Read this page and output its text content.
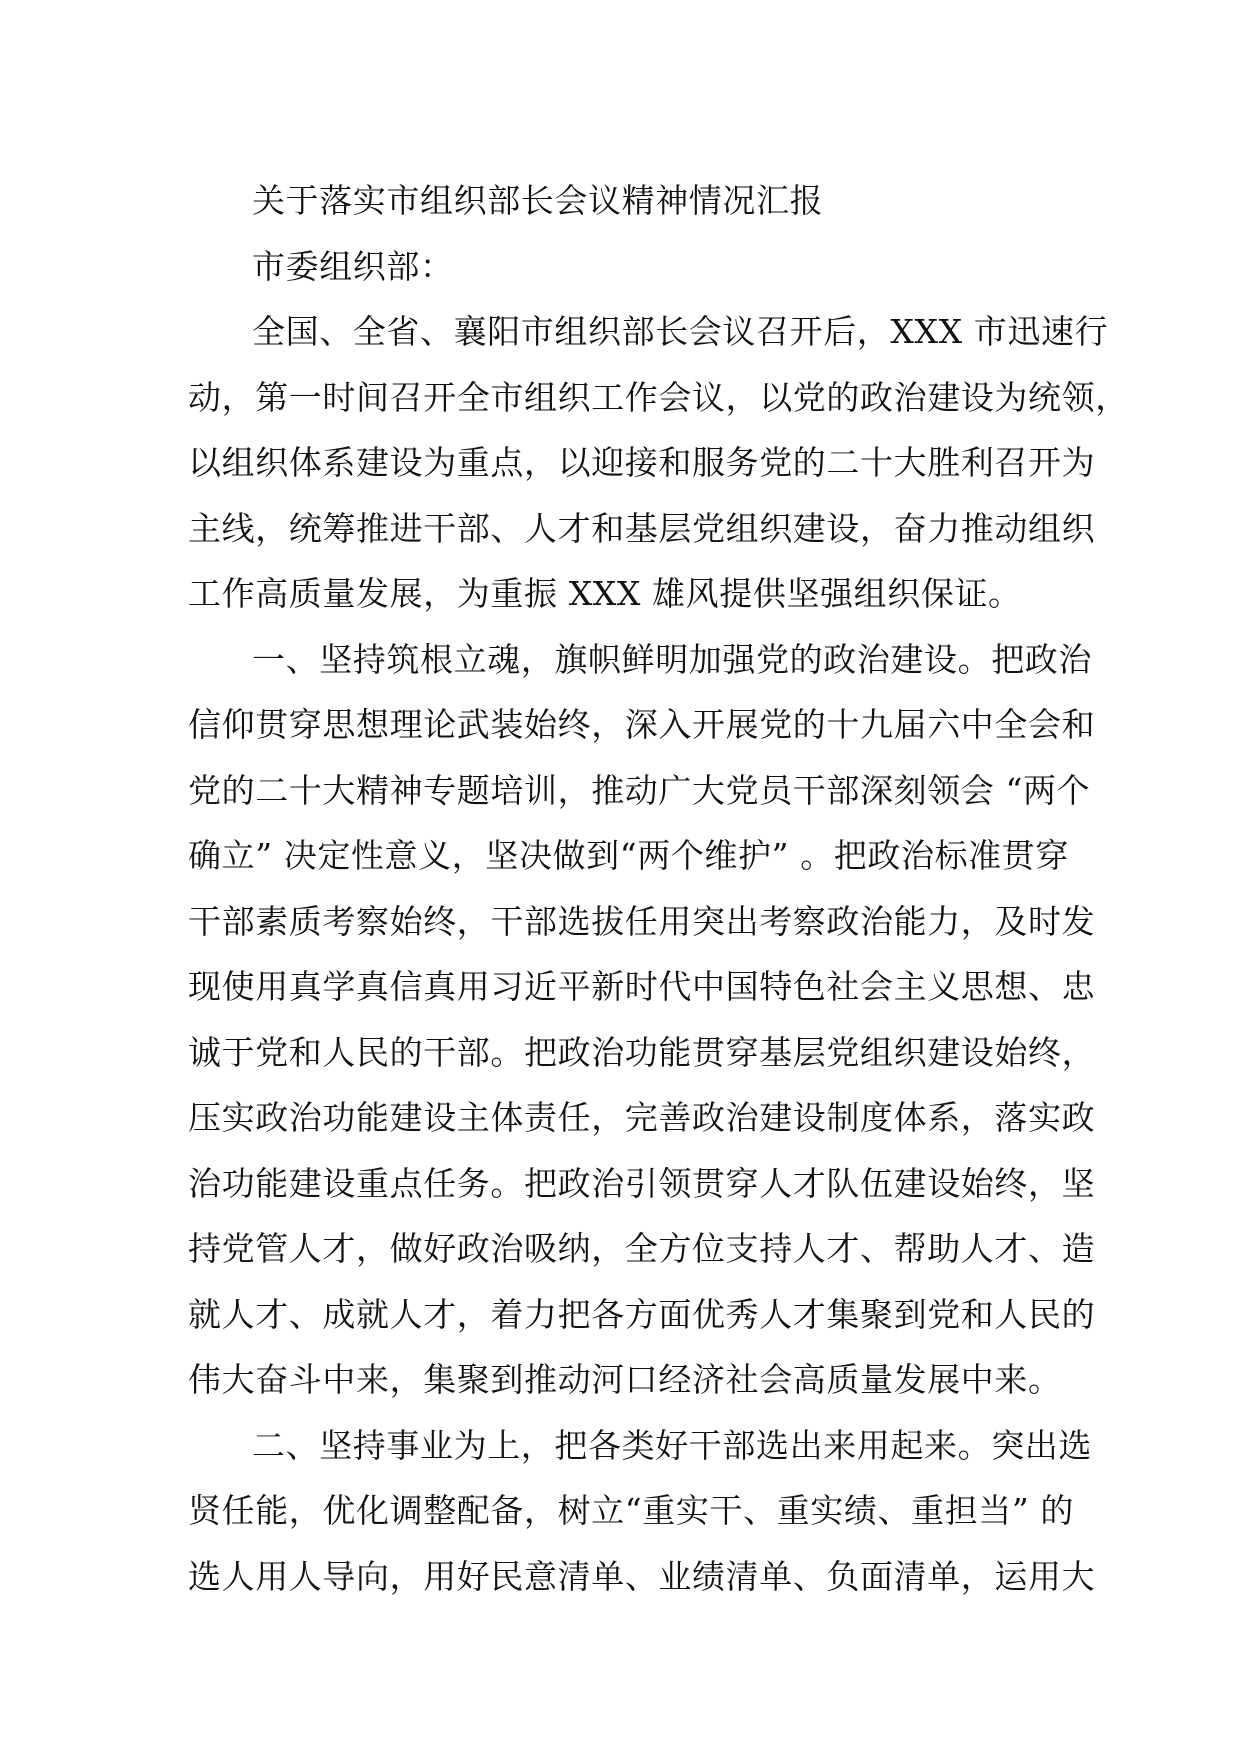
关于落实市组织部长会议精神情况汇报
市委组织部：
全国、全省、襄阳市组织部长会议召开后，XXX 市迅速行
动，第一时间召开全市组织工作会议，以党的政治建设为统领，
以组织体系建设为重点，以迎接和服务党的二十大胜利召开为
主线，统筹推进干部、人才和基层党组织建设，奋力推动组织
工作高质量发展，为重振 XXX 雄风提供坚强组织保证。
一、坚持筑根立魂，旗帜鲜明加强党的政治建设。把政治
信仰贯穿思想理论武装始终，深入开展党的十九届六中全会和
党的二十大精神专题培训，推动广大党员干部深刻领会 “两个
确立” 决定性意义，坚决做到“两个维护” 。把政治标准贯穿
干部素质考察始终，干部选拔任用突出考察政治能力，及时发
现使用真学真信真用习近平新时代中国特色社会主义思想、忠
诚于党和人民的干部。把政治功能贯穿基层党组织建设始终，
压实政治功能建设主体责任，完善政治建设制度体系，落实政
治功能建设重点任务。把政治引领贯穿人才队伍建设始终，坚
持党管人才，做好政治吸纳，全方位支持人才、帮助人才、造
就人才、成就人才，着力把各方面优秀人才集聚到党和人民的
伟大奋斗中来，集聚到推动河口经济社会高质量发展中来。
二、坚持事业为上，把各类好干部选出来用起来。突出选
贤任能，优化调整配备，树立“重实干、重实绩、重担当” 的
选人用人导向，用好民意清单、业绩清单、负面清单，运用大
